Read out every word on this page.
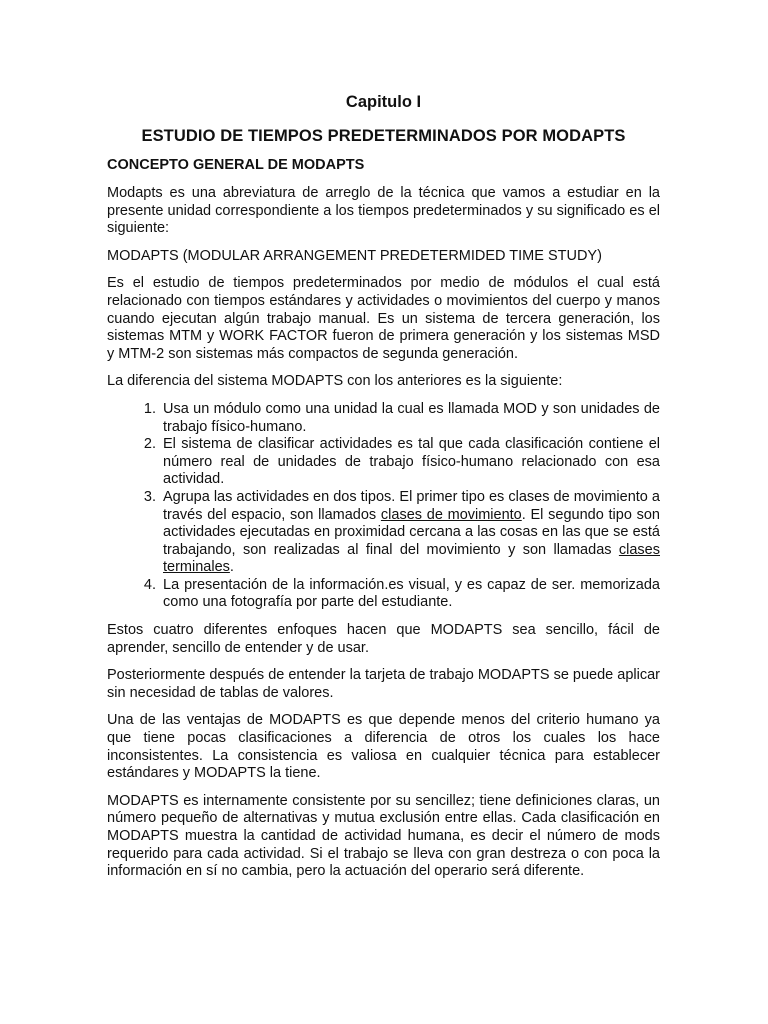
Capitulo I
ESTUDIO DE TIEMPOS PREDETERMINADOS POR MODAPTS
CONCEPTO GENERAL DE MODAPTS

Modapts es una abreviatura de arreglo de la técnica que vamos a estudiar en la presente unidad correspondiente a los tiempos predeterminados y su significado es el siguiente:

MODAPTS (MODULAR ARRANGEMENT PREDETERMIDED TIME STUDY)

Es el estudio de tiempos predeterminados por medio de módulos el cual está relacionado con tiempos estándares y actividades o movimientos del cuerpo y manos cuando ejecutan algún trabajo manual. Es un sistema de tercera generación, los sistemas MTM y WORK FACTOR fueron de primera generación y los sistemas MSD y MTM-2 son sistemas más compactos de segunda generación.

La diferencia del sistema MODAPTS con los anteriores es la siguiente:

1. Usa un módulo como una unidad la cual es llamada MOD y son unidades de trabajo físico-humano.
2. El sistema de clasificar actividades es tal que cada clasificación contiene el número real de unidades de trabajo físico-humano relacionado con esa actividad.
3. Agrupa las actividades en dos tipos. El primer tipo es clases de movimiento a través del espacio, son llamados clases de movimiento. El segundo tipo son actividades ejecutadas en proximidad cercana a las cosas en las que se está trabajando, son realizadas al final del movimiento y son llamadas clases terminales.
4. La presentación de la información.es visual, y es capaz de ser. memorizada como una fotografía por parte del estudiante.

Estos cuatro diferentes enfoques hacen que MODAPTS sea sencillo, fácil de aprender, sencillo de entender y de usar.

Posteriormente después de entender la tarjeta de trabajo MODAPTS se puede aplicar sin necesidad de tablas de valores.

Una de las ventajas de MODAPTS es que depende menos del criterio humano ya que tiene pocas clasificaciones a diferencia de otros los cuales los hace inconsistentes. La consistencia es valiosa en cualquier técnica para establecer estándares y MODAPTS la tiene.

MODAPTS es internamente consistente por su sencillez; tiene definiciones claras, un número pequeño de alternativas y mutua exclusión entre ellas. Cada clasificación en MODAPTS muestra la cantidad de actividad humana, es decir el número de mods requerido para cada actividad. Si el trabajo se lleva con gran destreza o con poca la información en sí no cambia, pero la actuación del operario será diferente.
